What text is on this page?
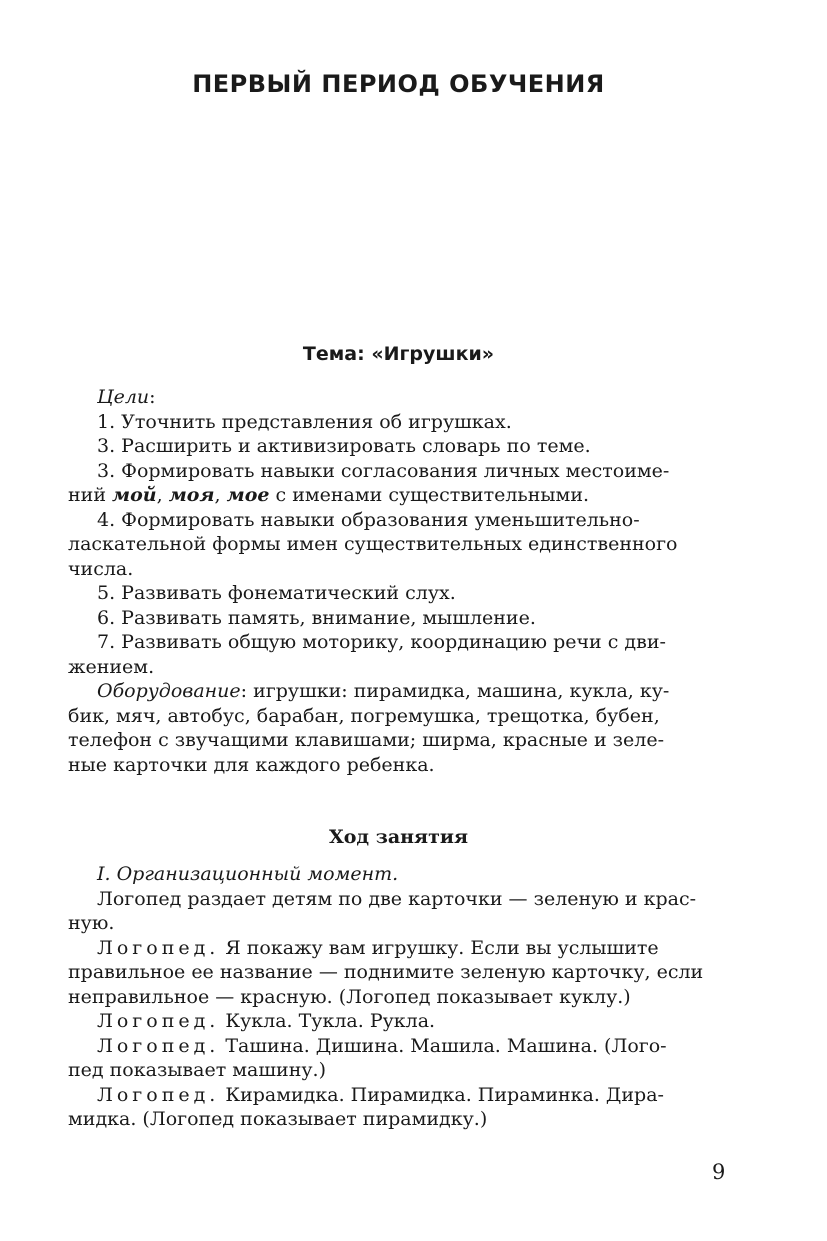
ПЕРВЫЙ ПЕРИОД ОБУЧЕНИЯ
Тема: «Игрушки»
Цели:
1. Уточнить представления об игрушках.
3. Расширить и активизировать словарь по теме.
3. Формировать навыки согласования личных местоиме-
ний мой, моя, мое с именами существительными.
4. Формировать навыки образования уменьшительно-
ласкательной формы имен существительных единственного
числа.
5. Развивать фонематический слух.
6. Развивать память, внимание, мышление.
7. Развивать общую моторику, координацию речи с дви-
жением.
Оборудование: игрушки: пирамидка, машина, кукла, ку-
бик, мяч, автобус, барабан, погремушка, трещотка, бубен,
телефон с звучащими клавишами; ширма, красные и зеле-
ные карточки для каждого ребенка.
Ход занятия
I. Организационный момент.
Логопед раздает детям по две карточки — зеленую и крас-
ную.
Логопед. Я покажу вам игрушку. Если вы услышите
правильное ее название — поднимите зеленую карточку, если
неправильное — красную. (Логопед показывает куклу.)
Логопед. Кукла. Тукла. Рукла.
Логопед. Ташина. Дишина. Машила. Машина. (Лого-
пед показывает машину.)
Логопед. Кирамидка. Пирамидка. Пираминка. Дира-
мидка. (Логопед показывает пирамидку.)
9
